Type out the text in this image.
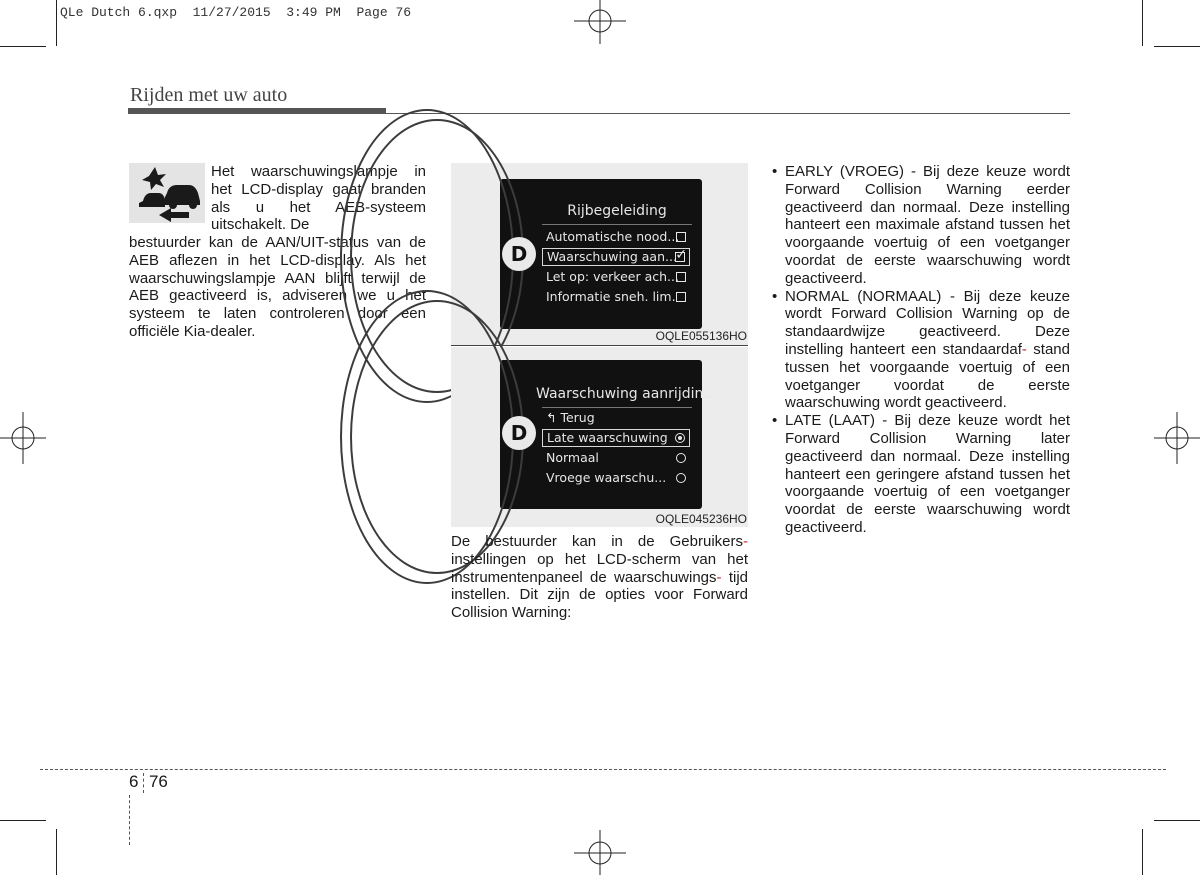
QLe Dutch 6.qxp  11/27/2015  3:49 PM  Page 76
Rijden met uw auto
Het waarschuwingslampje in het LCD-display gaat branden als u het AEB-systeem uitschakelt. De
bestuurder kan de AAN/UIT-status van de AEB aflezen in het LCD-display. Als het waarschuwingslampje AAN blijft terwijl de AEB geactiveerd is, adviseren we u het systeem te laten controleren door een officiële Kia-dealer.
D
Rijbegeleiding
Automatische nood...
Waarschuwing aan...
✓
Let op: verkeer ach...
Informatie sneh. lim.
OQLE055136HO
D
Waarschuwing aanrijdin...
↰ Terug
Late waarschuwing
Normaal
Vroege waarschu...
OQLE045236HO
De bestuurder kan in de Gebruikers- instellingen op het LCD-scherm van het instrumentenpaneel de waarschuwings- tijd instellen. Dit zijn de opties voor Forward Collision Warning:

• EARLY (VROEG) - Bij deze keuze wordt Forward Collision Warning eerder geactiveerd dan normaal. Deze instelling hanteert een maximale afstand tussen het voorgaande voertuig of een voetganger voordat de eerste waarschuwing wordt geactiveerd.

• NORMAL (NORMAAL) - Bij deze keuze wordt Forward Collision Warning op de standaardwijze geactiveerd. Deze instelling hanteert een standaardaf- stand tussen het voorgaande voertuig of een voetganger voordat de eerste waarschuwing wordt geactiveerd.

• LATE (LAAT) - Bij deze keuze wordt het Forward Collision Warning later geactiveerd dan normaal. Deze instelling hanteert een geringere afstand tussen het voorgaande voertuig of een voetganger voordat de eerste waarschuwing wordt geactiveerd.

6 76
